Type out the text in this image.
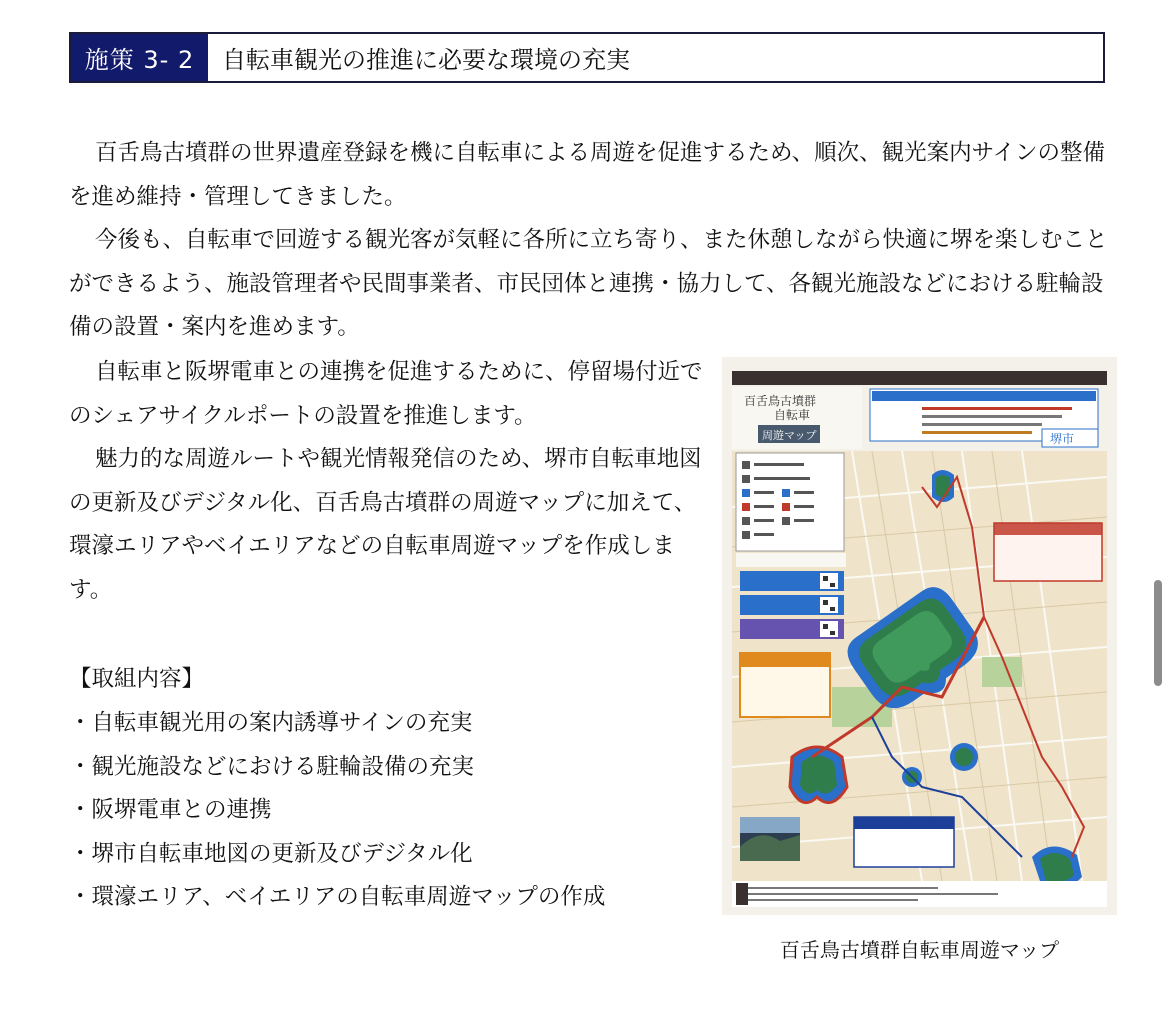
施策 3- 2	自転車観光の推進に必要な環境の充実

百舌鳥古墳群の世界遺産登録を機に自転車による周遊を促進するため、順次、観光案内サインの整備を進め維持・管理してきました。

今後も、自転車で回遊する観光客が気軽に各所に立ち寄り、また休憩しながら快適に堺を楽しむことができるよう、施設管理者や民間事業者、市民団体と連携・協力して、各観光施設などにおける駐輪設備の設置・案内を進めます。

自転車と阪堺電車との連携を促進するために、停留場付近でのシェアサイクルポートの設置を推進します。

魅力的な周遊ルートや観光情報発信のため、堺市自転車地図の更新及びデジタル化、百舌鳥古墳群の周遊マップに加えて、環濠エリアやベイエリアなどの自転車周遊マップを作成します。

【取組内容】
・自転車観光用の案内誘導サインの充実
・観光施設などにおける駐輪設備の充実
・阪堺電車との連携
・堺市自転車地図の更新及びデジタル化
・環濠エリア、ベイエリアの自転車周遊マップの作成
百舌鳥古墳群
自転車
周遊マップ	堺市
百舌鳥古墳群自転車周遊マップ
